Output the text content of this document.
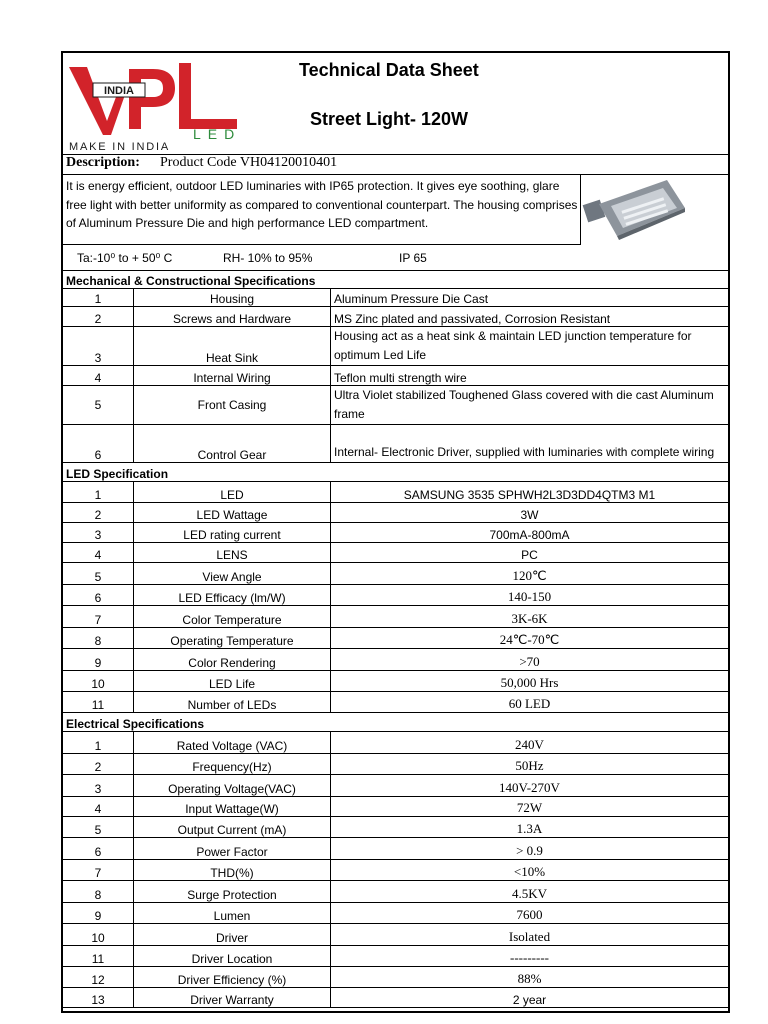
INDIA
LED
MAKE IN INDIA
Technical Data Sheet
Street Light- 120W
Description: Product Code VH04120010401
It is energy efficient, outdoor LED luminaries with IP65 protection. It gives eye soothing, glare free light with better uniformity as compared to conventional counterpart. The housing comprises of Aluminum Pressure Die and high performance LED compartment.
Ta:-10⁰ to + 50⁰ C	RH- 10% to 95%	IP 65
Mechanical & Constructional Specifications		
1	Housing	Aluminum Pressure Die Cast
2	Screws and Hardware	MS Zinc plated and passivated, Corrosion Resistant
3	Heat Sink	Housing act as a heat sink & maintain LED junction temperature for optimum Led Life
4	Internal Wiring	Teflon multi strength wire
5	Front Casing	Ultra Violet stabilized Toughened Glass covered with die cast Aluminum frame
6	Control Gear	Internal- Electronic Driver, supplied with luminaries with complete wiring
LED Specification		
1	LED	SAMSUNG 3535 SPHWH2L3D3DD4QTM3 M1
2	LED Wattage	3W
3	LED rating current	700mA-800mA
4	LENS	PC
5	View Angle	120℃
6	LED Efficacy (lm/W)	140-150
7	Color Temperature	3K-6K
8	Operating Temperature	24℃-70℃
9	Color Rendering	>70
10	LED Life	50,000 Hrs
11	Number of LEDs	60 LED
Electrical Specifications		
1	Rated Voltage (VAC)	240V
2	Frequency(Hz)	50Hz
3	Operating Voltage(VAC)	140V-270V
4	Input Wattage(W)	72W
5	Output Current (mA)	1.3A
6	Power Factor	> 0.9
7	THD(%)	<10%
8	Surge Protection	4.5KV
9	Lumen	7600
10	Driver	Isolated
11	Driver Location	---------
12	Driver Efficiency (%)	88%
13	Driver Warranty	2 year
